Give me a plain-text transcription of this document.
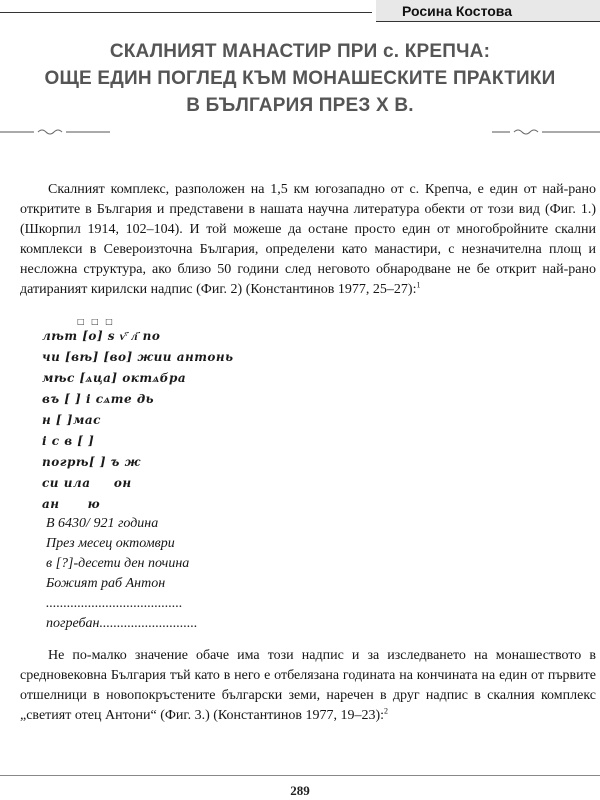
Росина Костова
СКАЛНИЯТ МАНАСТИР ПРИ с. КРЕПЧА:
ОЩЕ ЕДИН ПОГЛЕД КЪМ МОНАШЕСКИТЕ ПРАКТИКИ
В БЪЛГАРИЯ ПРЕЗ X В.
Скалният комплекс, разположен на 1,5 км югозападно от с. Крепча, е един от най-рано откритите в България и представени в нашата научна литература обекти от този вид (Фиг. 1.) (Шкорпил 1914, 102–104). И той можеше да остане просто един от многобройните скални комплекси в Североизточна България, определени като манастири, с незначителна площ и несложна структура, ако близо 50 години след неговото обнародване не бе открит най-рано датираният кирилски надпис (Фиг. 2) (Константинов 1977, 25–27):$^1$
□ □ □
лѣт [о] ѕ ѵ҃ л҃ по
чи [вѣ] [во] жии антонь
мѣс [ѧца] октѧбра
въ [ ] і сѧте дь
н [ ]мас
і с в [ ]
погрѣ[ ] ъ ж
си ила     он
ан      ю
В 6430/ 921 година
През месец октомври
в [?]-десети ден почина
Божият раб Антон
.......................................
погребан............................
Не по-малко значение обаче има този надпис и за изследването на монашеството в средновековна България тъй като в него е отбелязана годината на кончината на един от първите отшелници в новопокръстените български земи, наречен в друг надпис в скалния комплекс „светият отец Антони“ (Фиг. 3.) (Константинов 1977, 19–23):$^2$
289
